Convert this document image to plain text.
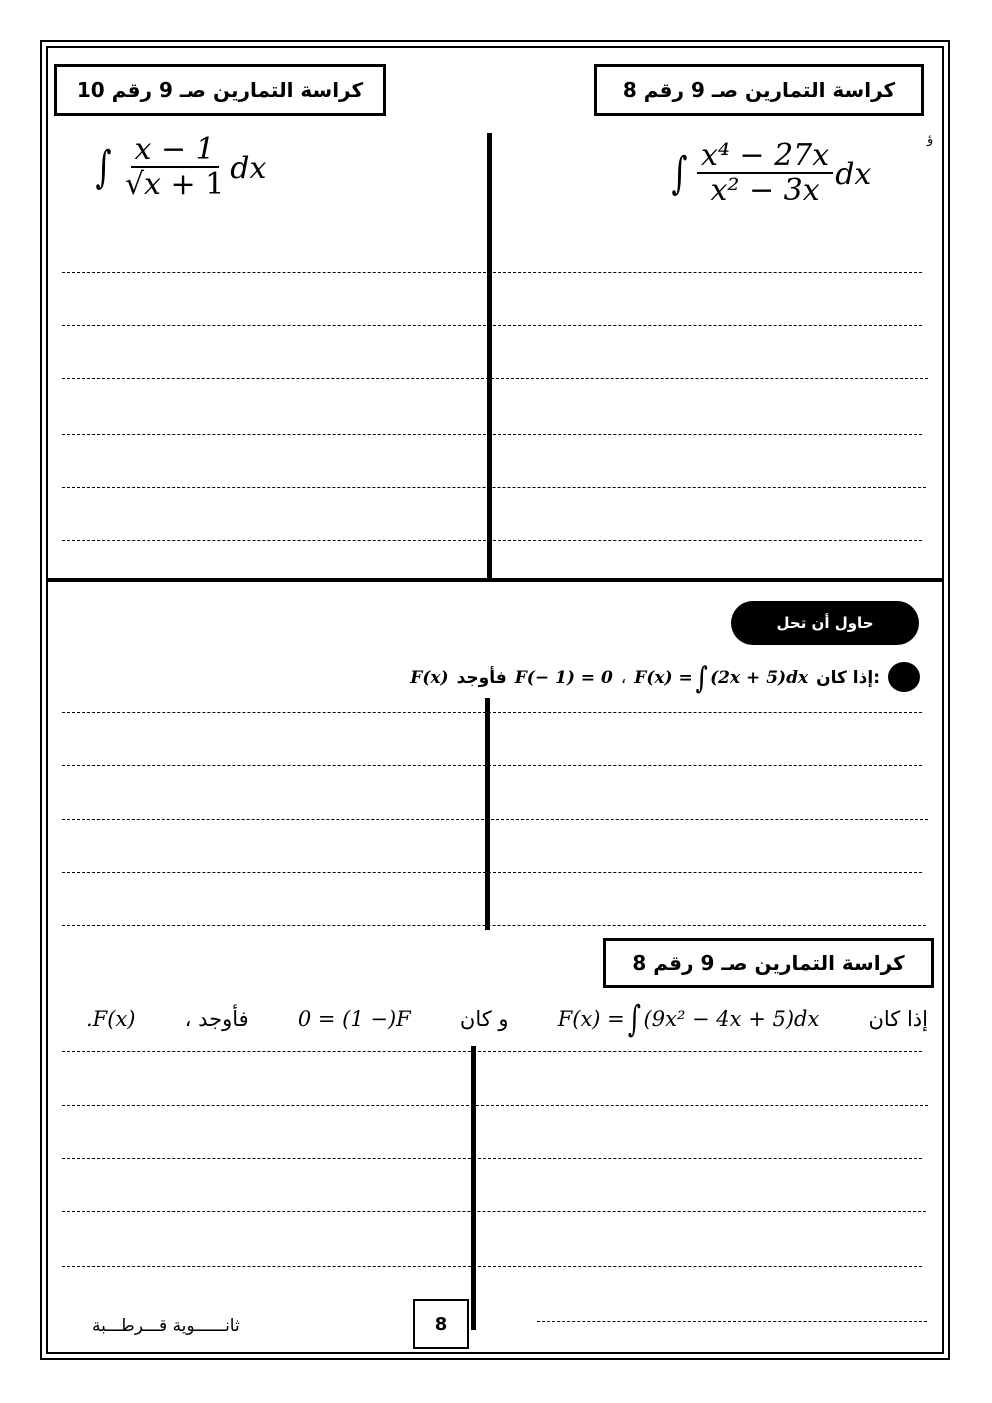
كراسة التمارين صـ 9 رقم 8
كراسة التمارين صـ 9 رقم 10
ؤ
∫ $\frac{\text{x⁴ − 27x}}{\text{x² − 3x}}$ dx
∫ $\frac{x - 1}{√x + 1}$ dx
حاول أن تحل
إذا كان:
F(x) = ∫ (2x + 5)dx
،
F(− 1) = 0
فأوجد
F(x)
كراسة التمارين صـ 9 رقم 8
إذا كان
F(x) = ∫ (9x² − 4x + 5)dx
و كان
0 = (1 −)F
، فأوجد
.F(x)
8
ثانــــــوية قـــرطـــبة
